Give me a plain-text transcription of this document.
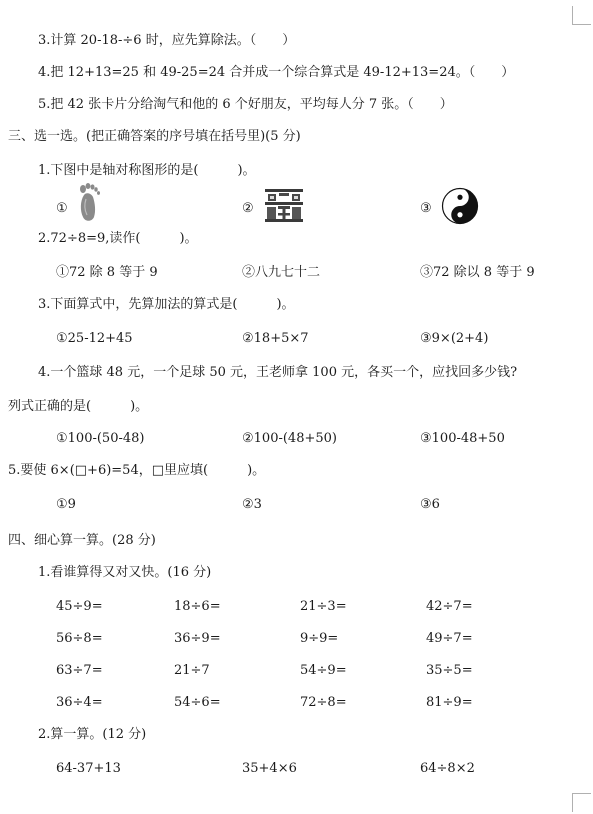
3.计算 20-18-÷6 时，应先算除法。（　　）
4.把 12+13=25 和 49-25=24 合并成一个综合算式是 49-12+13=24。（　　）
5.把 42 张卡片分给淘气和他的 6 个好朋友，平均每人分 7 张。（　　）
三、选一选。(把正确答案的序号填在括号里)(5 分)
1.下图中是轴对称图形的是(　　　)。
①	②	③
2.72÷8=9,读作(　　　)。
①72 除 8 等于 9	②八九七十二	③72 除以 8 等于 9
3.下面算式中，先算加法的算式是(　　　)。
①25-12+45	②18+5×7	③9×(2+4)
4.一个篮球 48 元，一个足球 50 元，王老师拿 100 元，各买一个，应找回多少钱?
列式正确的是(　　　)。
①100-(50-48)	②100-(48+50)	③100-48+50
5.要使 6×(□+6)=54，□里应填(　　　)。
①9	②3	③6
四、细心算一算。(28 分)
1.看谁算得又对又快。(16 分)
45÷9=	18÷6=	21÷3=	42÷7=
56÷8=	36÷9=	9÷9=	49÷7=
63÷7=	21÷7	54÷9=	35÷5=
36÷4=	54÷6=	72÷8=	81÷9=
2.算一算。(12 分)
64-37+13	35+4×6	64÷8×2
